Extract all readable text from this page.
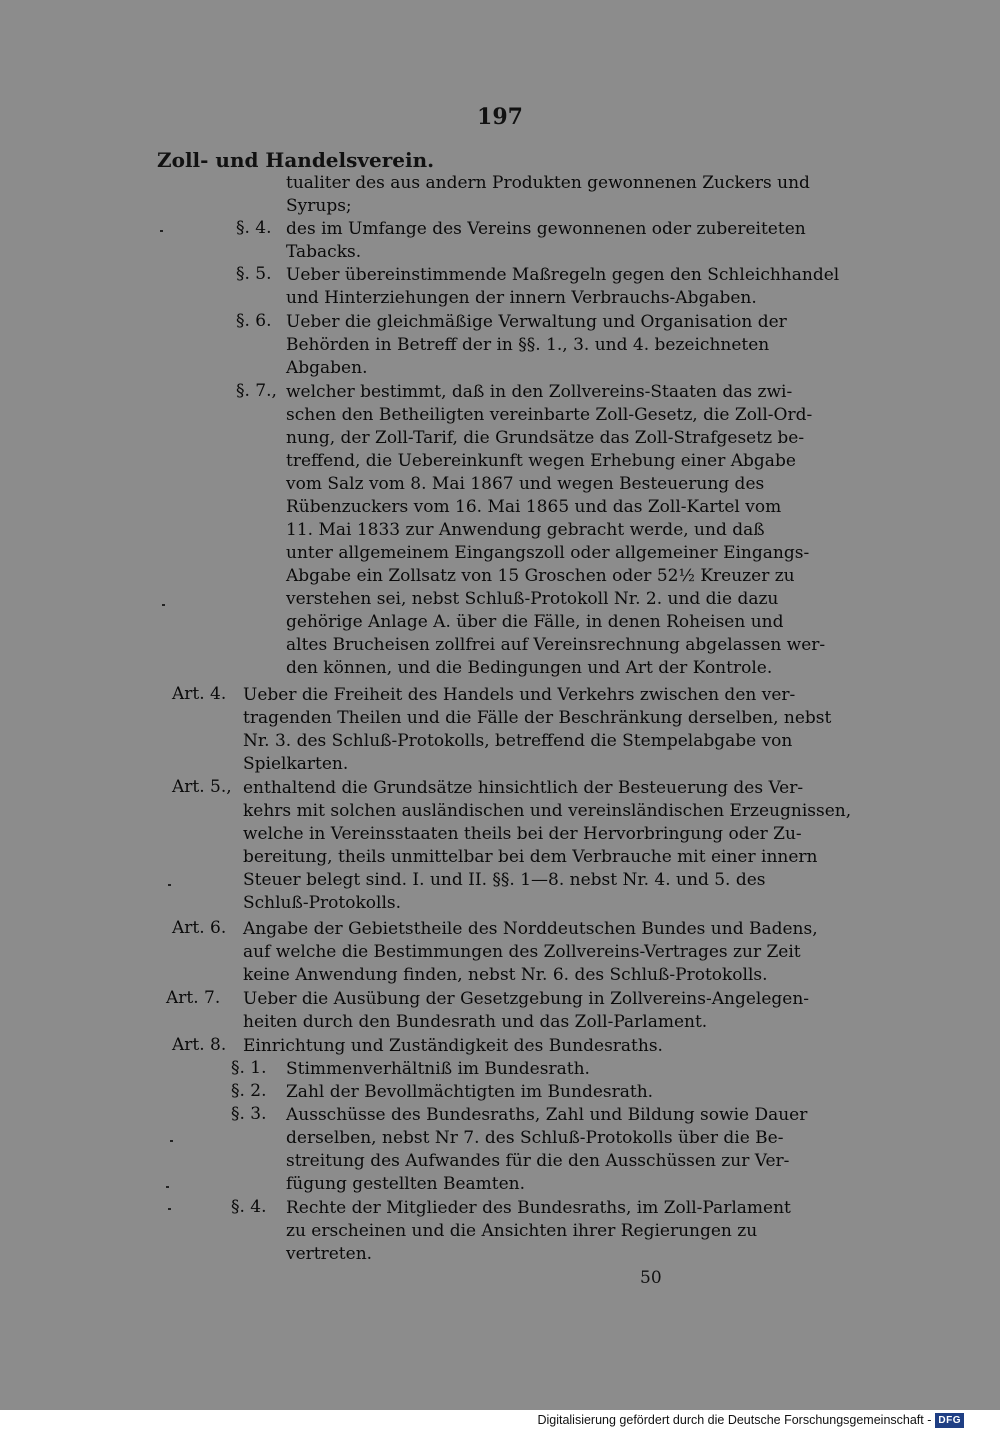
197
Zoll- und Handelsverein.
tualiter des aus andern Produkten gewonnenen Zuckers und
Syrups;
§. 4. des im Umfange des Vereins gewonnenen oder zubereiteten
Tabacks.
§. 5. Ueber übereinstimmende Maßregeln gegen den Schleichhandel
und Hinterziehungen der innern Verbrauchs-Abgaben.
§. 6. Ueber die gleichmäßige Verwaltung und Organisation der
Behörden in Betreff der in §§. 1., 3. und 4. bezeichneten
Abgaben.
§. 7., welcher bestimmt, daß in den Zollvereins-Staaten das zwi-
schen den Betheiligten vereinbarte Zoll-Gesetz, die Zoll-Ord-
nung, der Zoll-Tarif, die Grundsätze das Zoll-Strafgesetz be-
treffend, die Uebereinkunft wegen Erhebung einer Abgabe
vom Salz vom 8. Mai 1867 und wegen Besteuerung des
Rübenzuckers vom 16. Mai 1865 und das Zoll-Kartel vom
11. Mai 1833 zur Anwendung gebracht werde, und daß
unter allgemeinem Eingangszoll oder allgemeiner Eingangs-
Abgabe ein Zollsatz von 15 Groschen oder 52½ Kreuzer zu
verstehen sei, nebst Schluß-Protokoll Nr. 2. und die dazu
gehörige Anlage A. über die Fälle, in denen Roheisen und
altes Brucheisen zollfrei auf Vereinsrechnung abgelassen wer-
den können, und die Bedingungen und Art der Kontrole.
Art. 4. Ueber die Freiheit des Handels und Verkehrs zwischen den ver-
tragenden Theilen und die Fälle der Beschränkung derselben, nebst
Nr. 3. des Schluß-Protokolls, betreffend die Stempelabgabe von
Spielkarten.
Art. 5., enthaltend die Grundsätze hinsichtlich der Besteuerung des Ver-
kehrs mit solchen ausländischen und vereinsländischen Erzeugnissen,
welche in Vereinsstaaten theils bei der Hervorbringung oder Zu-
bereitung, theils unmittelbar bei dem Verbrauche mit einer innern
Steuer belegt sind. I. und II. §§. 1—8. nebst Nr. 4. und 5. des
Schluß-Protokolls.
Art. 6. Angabe der Gebietstheile des Norddeutschen Bundes und Badens,
auf welche die Bestimmungen des Zollvereins-Vertrages zur Zeit
keine Anwendung finden, nebst Nr. 6. des Schluß-Protokolls.
Art. 7. Ueber die Ausübung der Gesetzgebung in Zollvereins-Angelegen-
heiten durch den Bundesrath und das Zoll-Parlament.
Art. 8. Einrichtung und Zuständigkeit des Bundesraths.
§. 1. Stimmenverhältniß im Bundesrath.
§. 2. Zahl der Bevollmächtigten im Bundesrath.
§. 3. Ausschüsse des Bundesraths, Zahl und Bildung sowie Dauer
derselben, nebst Nr 7. des Schluß-Protokolls über die Be-
streitung des Aufwandes für die den Ausschüssen zur Ver-
fügung gestellten Beamten.
§. 4. Rechte der Mitglieder des Bundesraths, im Zoll-Parlament
zu erscheinen und die Ansichten ihrer Regierungen zu
vertreten.
50
Digitalisierung gefördert durch die Deutsche Forschungsgemeinschaft - DFG
